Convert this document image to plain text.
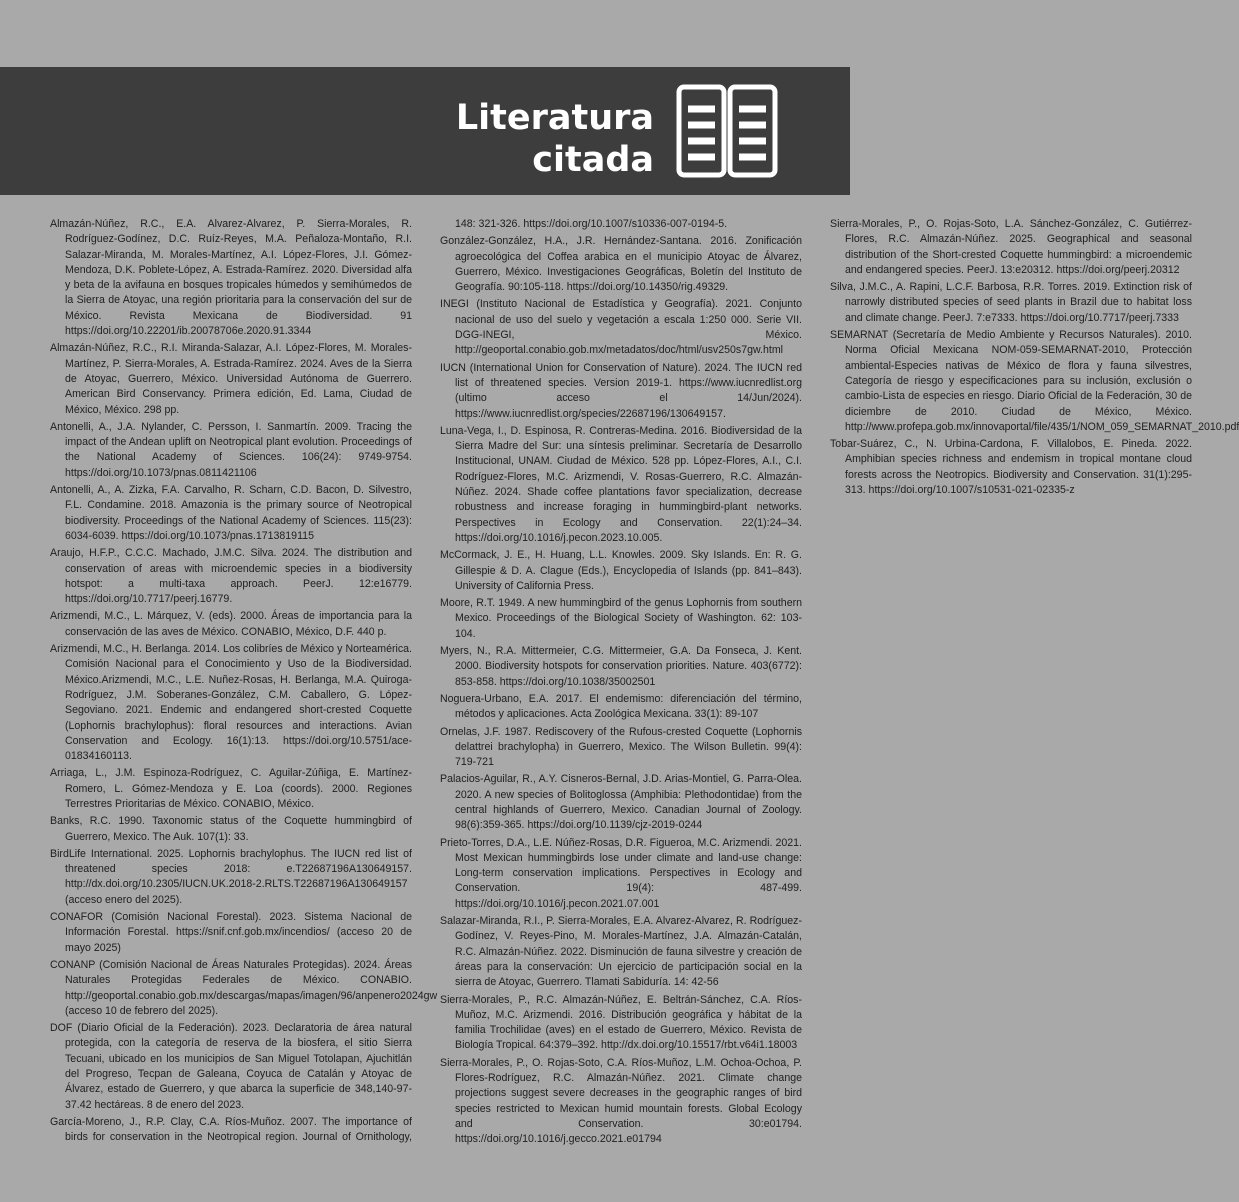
Literatura
citada

Almazán-Núñez, R.C., E.A. Alvarez-Alvarez, P. Sierra-Morales, R. Rodríguez-Godínez, D.C. Ruíz-Reyes, M.A. Peñaloza-Montaño, R.I. Salazar-Miranda, M. Morales-Martínez, A.I. López-Flores, J.I. Gómez-Mendoza, D.K. Poblete-López, A. Estrada-Ramírez. 2020. Diversidad alfa y beta de la avifauna en bosques tropicales húmedos y semihúmedos de la Sierra de Atoyac, una región prioritaria para la conservación del sur de México. Revista Mexicana de Biodiversidad. 91 https://doi.org/10.22201/ib.20078706e.2020.91.3344

Almazán-Núñez, R.C., R.I. Miranda-Salazar, A.I. López-Flores, M. Morales-Martínez, P. Sierra-Morales, A. Estrada-Ramírez. 2024. Aves de la Sierra de Atoyac, Guerrero, México. Universidad Autónoma de Guerrero. American Bird Conservancy. Primera edición, Ed. Lama, Ciudad de México, México. 298 pp.

Antonelli, A., J.A. Nylander, C. Persson, I. Sanmartín. 2009. Tracing the impact of the Andean uplift on Neotropical plant evolution. Proceedings of the National Academy of Sciences. 106(24): 9749-9754. https://doi.org/10.1073/pnas.0811421106

Antonelli, A., A. Zizka, F.A. Carvalho, R. Scharn, C.D. Bacon, D. Silvestro, F.L. Condamine. 2018. Amazonia is the primary source of Neotropical biodiversity. Proceedings of the National Academy of Sciences. 115(23): 6034-6039. https://doi.org/10.1073/pnas.1713819115

Araujo, H.F.P., C.C.C. Machado, J.M.C. Silva. 2024. The distribution and conservation of areas with microendemic species in a biodiversity hotspot: a multi-taxa approach. PeerJ. 12:e16779. https://doi.org/10.7717/peerj.16779.

Arizmendi, M.C., L. Márquez, V. (eds). 2000. Áreas de importancia para la conservación de las aves de México. CONABIO, México, D.F. 440 p.

Arizmendi, M.C., H. Berlanga. 2014. Los colibríes de México y Norteamérica. Comisión Nacional para el Conocimiento y Uso de la Biodiversidad. México.Arizmendi, M.C., L.E. Nuñez-Rosas, H. Berlanga, M.A. Quiroga-Rodríguez, J.M. Soberanes-González, C.M. Caballero, G. López-Segoviano. 2021. Endemic and endangered short-crested Coquette (Lophornis brachylophus): floral resources and interactions. Avian Conservation and Ecology. 16(1):13. https://doi.org/10.5751/ace-01834160113.

Arriaga, L., J.M. Espinoza-Rodríguez, C. Aguilar-Zúñiga, E. Martínez-Romero, L. Gómez-Mendoza y E. Loa (coords). 2000. Regiones Terrestres Prioritarias de México. CONABIO, México.

Banks, R.C. 1990. Taxonomic status of the Coquette hummingbird of Guerrero, Mexico. The Auk. 107(1): 33.

BirdLife International. 2025. Lophornis brachylophus. The IUCN red list of threatened species 2018: e.T22687196A130649157. http://dx.doi.org/10.2305/IUCN.UK.2018-2.RLTS.T22687196A130649157 (acceso enero del 2025).

CONAFOR (Comisión Nacional Forestal). 2023. Sistema Nacional de Información Forestal. https://snif.cnf.gob.mx/incendios/ (acceso 20 de mayo 2025)

CONANP (Comisión Nacional de Áreas Naturales Protegidas). 2024. Áreas Naturales Protegidas Federales de México. CONABIO. http://geoportal.conabio.gob.mx/descargas/mapas/imagen/96/anpenero2024gw (acceso 10 de febrero del 2025).

DOF (Diario Oficial de la Federación). 2023. Declaratoria de área natural protegida, con la categoría de reserva de la biosfera, el sitio Sierra Tecuani, ubicado en los municipios de San Miguel Totolapan, Ajuchitlán del Progreso, Tecpan de Galeana, Coyuca de Catalán y Atoyac de Álvarez, estado de Guerrero, y que abarca la superficie de 348,140-97-37.42 hectáreas. 8 de enero del 2023.

García-Moreno, J., R.P. Clay, C.A. Ríos-Muñoz. 2007. The importance of birds for conservation in the Neotropical region. Journal of Ornithology, 148: 321-326. https://doi.org/10.1007/s10336-007-0194-5.

González-González, H.A., J.R. Hernández-Santana. 2016. Zonificación agroecológica del Coffea arabica en el municipio Atoyac de Álvarez, Guerrero, México. Investigaciones Geográficas, Boletín del Instituto de Geografía. 90:105-118. https://doi.org/10.14350/rig.49329.

INEGI (Instituto Nacional de Estadística y Geografía). 2021. Conjunto nacional de uso del suelo y vegetación a escala 1:250 000. Serie VII. DGG-INEGI, México. http://geoportal.conabio.gob.mx/metadatos/doc/html/usv250s7gw.html

IUCN (International Union for Conservation of Nature). 2024. The IUCN red list of threatened species. Version 2019-1. https://www.iucnredlist.org (ultimo acceso el 14/Jun/2024). https://www.iucnredlist.org/species/22687196/130649157.

Luna-Vega, I., D. Espinosa, R. Contreras-Medina. 2016. Biodiversidad de la Sierra Madre del Sur: una síntesis preliminar. Secretaría de Desarrollo Institucional, UNAM. Ciudad de México. 528 pp. López-Flores, A.I., C.I. Rodríguez-Flores, M.C. Arizmendi, V. Rosas-Guerrero, R.C. Almazán-Núñez. 2024. Shade coffee plantations favor specialization, decrease robustness and increase foraging in hummingbird-plant networks. Perspectives in Ecology and Conservation. 22(1):24–34. https://doi.org/10.1016/j.pecon.2023.10.005.

McCormack, J. E., H. Huang, L.L. Knowles. 2009. Sky Islands. En: R. G. Gillespie & D. A. Clague (Eds.), Encyclopedia of Islands (pp. 841–843). University of California Press.

Moore, R.T. 1949. A new hummingbird of the genus Lophornis from southern Mexico. Proceedings of the Biological Society of Washington. 62: 103-104.

Myers, N., R.A. Mittermeier, C.G. Mittermeier, G.A. Da Fonseca, J. Kent. 2000. Biodiversity hotspots for conservation priorities. Nature. 403(6772): 853-858. https://doi.org/10.1038/35002501

Noguera-Urbano, E.A. 2017. El endemismo: diferenciación del término, métodos y aplicaciones. Acta Zoológica Mexicana. 33(1): 89-107

Ornelas, J.F. 1987. Rediscovery of the Rufous-crested Coquette (Lophornis delattrei brachylopha) in Guerrero, Mexico. The Wilson Bulletin. 99(4): 719-721

Palacios-Aguilar, R., A.Y. Cisneros-Bernal, J.D. Arias-Montiel, G. Parra-Olea. 2020. A new species of Bolitoglossa (Amphibia: Plethodontidae) from the central highlands of Guerrero, Mexico. Canadian Journal of Zoology. 98(6):359-365. https://doi.org/10.1139/cjz-2019-0244

Prieto-Torres, D.A., L.E. Núñez-Rosas, D.R. Figueroa, M.C. Arizmendi. 2021. Most Mexican hummingbirds lose under climate and land-use change: Long-term conservation implications. Perspectives in Ecology and Conservation. 19(4): 487-499. https://doi.org/10.1016/j.pecon.2021.07.001

Salazar-Miranda, R.I., P. Sierra-Morales, E.A. Alvarez-Alvarez, R. Rodríguez-Godínez, V. Reyes-Pino, M. Morales-Martínez, J.A. Almazán-Catalán, R.C. Almazán-Núñez. 2022. Disminución de fauna silvestre y creación de áreas para la conservación: Un ejercicio de participación social en la sierra de Atoyac, Guerrero. Tlamati Sabiduría. 14: 42-56

Sierra-Morales, P., R.C. Almazán-Núñez, E. Beltrán-Sánchez, C.A. Ríos-Muñoz, M.C. Arizmendi. 2016. Distribución geográfica y hábitat de la familia Trochilidae (aves) en el estado de Guerrero, México. Revista de Biología Tropical. 64:379–392. http://dx.doi.org/10.15517/rbt.v64i1.18003

Sierra-Morales, P., O. Rojas-Soto, C.A. Ríos-Muñoz, L.M. Ochoa-Ochoa, P. Flores-Rodríguez, R.C. Almazán-Núñez. 2021. Climate change projections suggest severe decreases in the geographic ranges of bird species restricted to Mexican humid mountain forests. Global Ecology and Conservation. 30:e01794. https://doi.org/10.1016/j.gecco.2021.e01794

Sierra-Morales, P., O. Rojas-Soto, L.A. Sánchez-González, C. Gutiérrez-Flores, R.C. Almazán-Núñez. 2025. Geographical and seasonal distribution of the Short-crested Coquette hummingbird: a microendemic and endangered species. PeerJ. 13:e20312. https://doi.org/peerj.20312

Silva, J.M.C., A. Rapini, L.C.F. Barbosa, R.R. Torres. 2019. Extinction risk of narrowly distributed species of seed plants in Brazil due to habitat loss and climate change. PeerJ. 7:e7333. https://doi.org/10.7717/peerj.7333

SEMARNAT (Secretaría de Medio Ambiente y Recursos Naturales). 2010. Norma Oficial Mexicana NOM-059-SEMARNAT-2010, Protección ambiental-Especies nativas de México de flora y fauna silvestres, Categoría de riesgo y especificaciones para su inclusión, exclusión o cambio-Lista de especies en riesgo. Diario Oficial de la Federación, 30 de diciembre de 2010. Ciudad de México, México. http://www.profepa.gob.mx/innovaportal/file/435/1/NOM_059_SEMARNAT_2010.pdf

Tobar-Suárez, C., N. Urbina-Cardona, F. Villalobos, E. Pineda. 2022. Amphibian species richness and endemism in tropical montane cloud forests across the Neotropics. Biodiversity and Conservation. 31(1):295-313. https://doi.org/10.1007/s10531-021-02335-z
